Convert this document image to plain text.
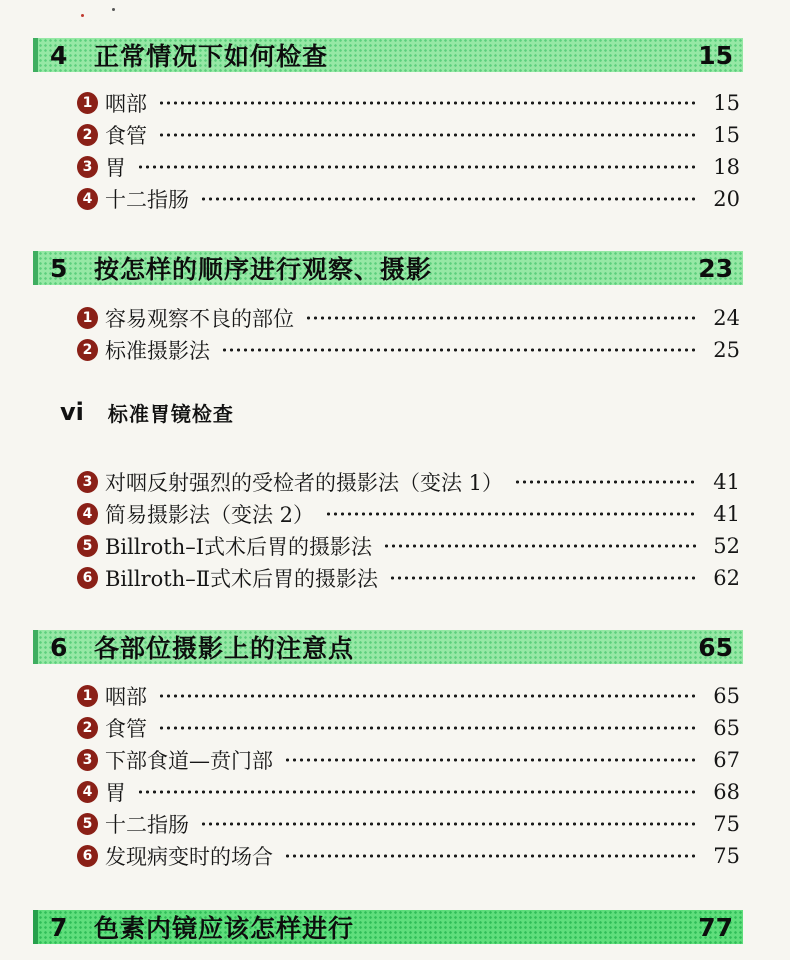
4	正常情况下如何检查	15
1 咽部	15
2 食管	15
3 胃	18
4 十二指肠	20
5	按怎样的顺序进行观察、摄影	23
1 容易观察不良的部位	24
2 标准摄影法	25
vi 标准胃镜检查
3 对咽反射强烈的受检者的摄影法（变法 1）	41
4 简易摄影法（变法 2）	41
5 Billroth–Ⅰ式术后胃的摄影法	52
6 Billroth–Ⅱ式术后胃的摄影法	62
6	各部位摄影上的注意点	65
1 咽部	65
2 食管	65
3 下部食道—贲门部	67
4 胃	68
5 十二指肠	75
6 发现病变时的场合	75
7	色素内镜应该怎样进行	77
